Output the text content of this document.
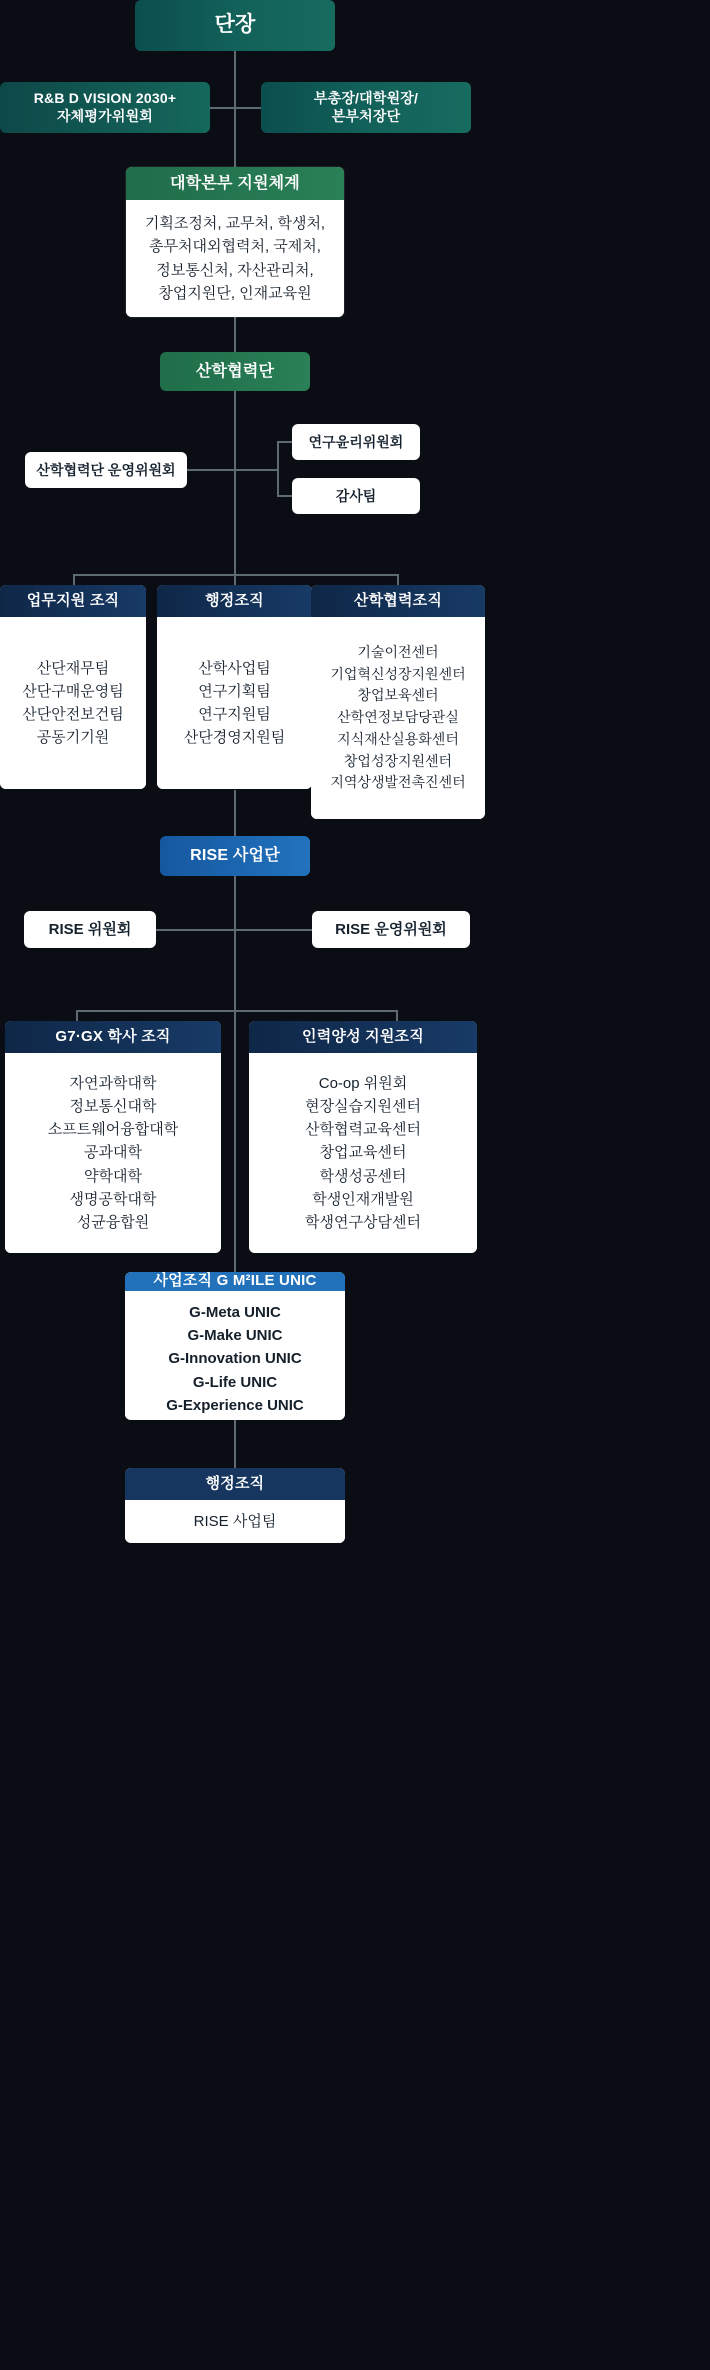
단장
R&B D VISION 2030+
자체평가위원회
부총장/대학원장/
본부처장단
대학본부 지원체계
기획조정처, 교무처, 학생처,
총무처대외협력처, 국제처,
정보통신처, 자산관리처,
창업지원단, 인재교육원
산학협력단
산학협력단 운영위원회
연구윤리위원회
감사팀
업무지원 조직
산단재무팀
산단구매운영팀
산단안전보건팀
공동기기원
행정조직
산학사업팀
연구기획팀
연구지원팀
산단경영지원팀
산학협력조직
기술이전센터
기업혁신성장지원센터
창업보육센터
산학연정보담당관실
지식재산실용화센터
창업성장지원센터
지역상생발전촉진센터
RISE 사업단
RISE 위원회	RISE 운영위원회
G7·GX 학사 조직
자연과학대학
정보통신대학
소프트웨어융합대학
공과대학
약학대학
생명공학대학
성균융합원
인력양성 지원조직
Co-op 위원회
현장실습지원센터
산학협력교육센터
창업교육센터
학생성공센터
학생인재개발원
학생연구상담센터
사업조직 G M²ILE UNIC
G-Meta UNIC
G-Make UNIC
G-Innovation UNIC
G-Life UNIC
G-Experience UNIC
행정조직
RISE 사업팀
